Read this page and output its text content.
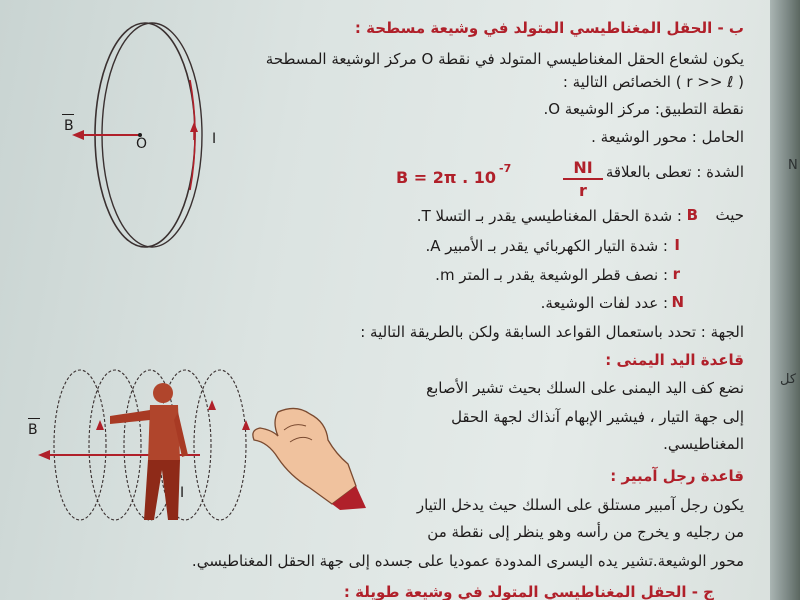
B
O	I
ب - الحقل المغناطيسي المتولد في وشيعة مسطحة :
يكون لشعاع الحقل المغناطيسي المتولد في نقطة O مركز الوشيعة المسطحة
( r >> ℓ ) الخصائص التالية :
نقطة التطبيق: مركز الوشيعة O.
الحامل : محور الوشيعة .
الشدة : تعطى بالعلاقة
B = 2π . 10 -7	$\frac{NI}{r}$
حيث
B
: شدة الحقل المغناطيسي يقدر بـ التسلا T.
I
: شدة التيار الكهربائي يقدر بـ الأمبير A.
r
: نصف قطر الوشيعة يقدر بـ المتر m.
N
: عدد لفات الوشيعة.
الجهة : تحدد باستعمال القواعد السابقة ولكن بالطريقة التالية :
قاعدة اليد اليمنى :
نضع كف اليد اليمنى على السلك بحيث تشير الأصابع
إلى جهة التيار ، فيشير الإبهام آنذاك لجهة الحقل
المغناطيسي.
قاعدة رجل آمبير :
يكون رجل آمبير مستلق على السلك حيث يدخل التيار
من رجليه و يخرج من رأسه وهو ينظر إلى نقطة من
محور الوشيعة.تشير يده اليسرى المدودة عموديا على جسده إلى جهة الحقل المغناطيسي.
ج - الحقل المغناطيسي المتولد في وشيعة طويلة :
B
I
N
كل
